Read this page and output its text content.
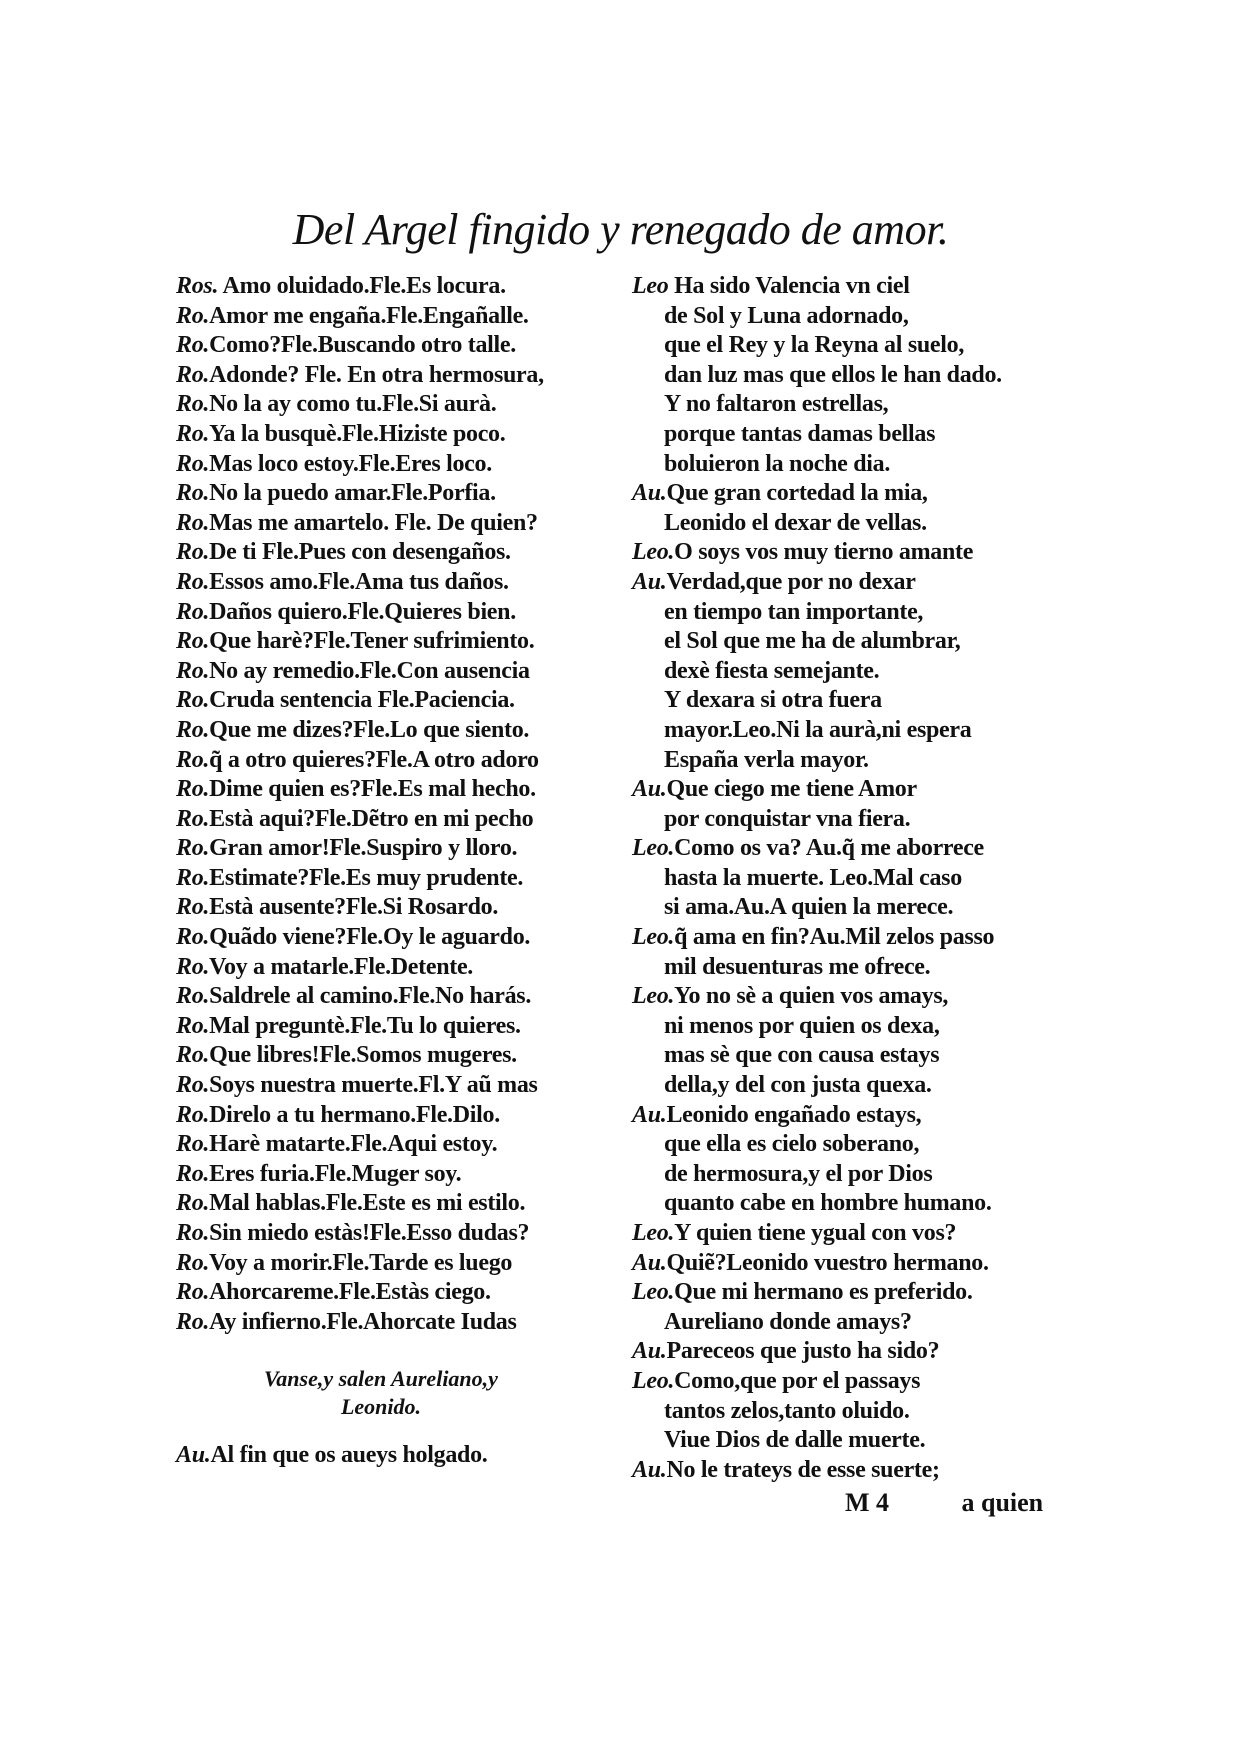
Del Argel fingido y renegado de amor.
Ros. Amo oluidado.Fle.Es locura.
Ro.Amor me engaña.Fle.Engañalle.
Ro.Como?Fle.Buscando otro talle.
Ro.Adonde? Fle. En otra hermosura,
Ro.No la ay como tu.Fle.Si aurà.
Ro.Ya la busquè.Fle.Hiziste poco.
Ro.Mas loco estoy.Fle.Eres loco.
Ro.No la puedo amar.Fle.Porfia.
Ro.Mas me amartelo. Fle. De quien?
Ro.De ti Fle.Pues con desengaños.
Ro.Essos amo.Fle.Ama tus daños.
Ro.Daños quiero.Fle.Quieres bien.
Ro.Que harè?Fle.Tener sufrimiento.
Ro.No ay remedio.Fle.Con ausencia
Ro.Cruda sentencia Fle.Paciencia.
Ro.Que me dizes?Fle.Lo que siento.
Ro.q̃ a otro quieres?Fle.A otro adoro
Ro.Dime quien es?Fle.Es mal hecho.
Ro.Està aqui?Fle.Dẽtro en mi pecho
Ro.Gran amor!Fle.Suspiro y lloro.
Ro.Estimate?Fle.Es muy prudente.
Ro.Està ausente?Fle.Si Rosardo.
Ro.Quãdo viene?Fle.Oy le aguardo.
Ro.Voy a matarle.Fle.Detente.
Ro.Saldrele al camino.Fle.No harás.
Ro.Mal preguntè.Fle.Tu lo quieres.
Ro.Que libres!Fle.Somos mugeres.
Ro.Soys nuestra muerte.Fl.Y aũ mas
Ro.Direlo a tu hermano.Fle.Dilo.
Ro.Harè matarte.Fle.Aqui estoy.
Ro.Eres furia.Fle.Muger soy.
Ro.Mal hablas.Fle.Este es mi estilo.
Ro.Sin miedo estàs!Fle.Esso dudas?
Ro.Voy a morir.Fle.Tarde es luego
Ro.Ahorcareme.Fle.Estàs ciego.
Ro.Ay infierno.Fle.Ahorcate Iudas
Vanse,y salen Aureliano,y
Leonido.
Au.Al fin que os aueys holgado.
Leo Ha sido Valencia vn ciel
de Sol y Luna adornado,
que el Rey y la Reyna al suelo,
dan luz mas que ellos le han dado.
Y no faltaron estrellas,
porque tantas damas bellas
boluieron la noche dia.
Au.Que gran cortedad la mia,
Leonido el dexar de vellas.
Leo.O soys vos muy tierno amante
Au.Verdad,que por no dexar
en tiempo tan importante,
el Sol que me ha de alumbrar,
dexè fiesta semejante.
Y dexara si otra fuera
mayor.Leo.Ni la aurà,ni espera
España verla mayor.
Au.Que ciego me tiene Amor
por conquistar vna fiera.
Leo.Como os va? Au.q̃ me aborrece
hasta la muerte. Leo.Mal caso
si ama.Au.A quien la merece.
Leo.q̃ ama en fin?Au.Mil zelos passo
mil desuenturas me ofrece.
Leo.Yo no sè a quien vos amays,
ni menos por quien os dexa,
mas sè que con causa estays
della,y del con justa quexa.
Au.Leonido engañado estays,
que ella es cielo soberano,
de hermosura,y el por Dios
quanto cabe en hombre humano.
Leo.Y quien tiene ygual con vos?
Au.Quiẽ?Leonido vuestro hermano.
Leo.Que mi hermano es preferido.
Aureliano donde amays?
Au.Pareceos que justo ha sido?
Leo.Como,que por el passays
tantos zelos,tanto oluido.
Viue Dios de dalle muerte.
Au.No le trateys de esse suerte;
M 4	a quien
